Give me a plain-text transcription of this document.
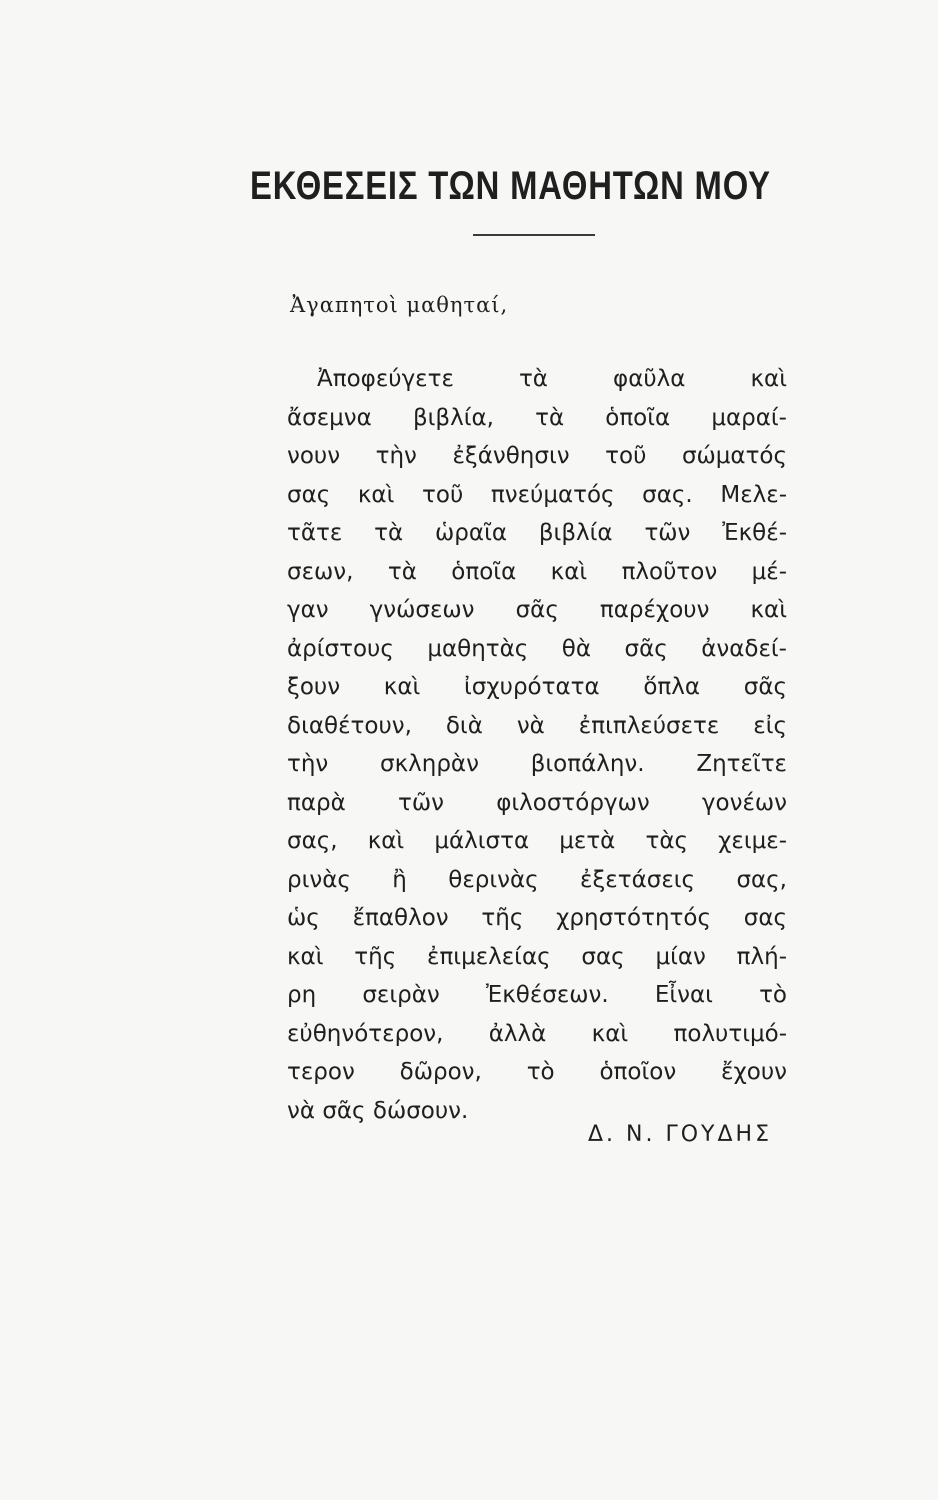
ΕΚΘΕΣΕΙΣ ΤΩΝ ΜΑΘΗΤΩΝ ΜΟΥ
Ἀγαπητοὶ μαθηταί,
Ἀποφεύγετε τὰ φαῦλα καὶ
ἄσεμνα βιβλία, τὰ ὁποῖα μαραί-
νουν τὴν ἐξάνθησιν τοῦ σώματός
σας καὶ τοῦ πνεύματός σας. Μελε-
τᾶτε τὰ ὡραῖα βιβλία τῶν Ἐκθέ-
σεων, τὰ ὁποῖα καὶ πλοῦτον μέ-
γαν γνώσεων σᾶς παρέχουν καὶ
ἀρίστους μαθητὰς θὰ σᾶς ἀναδεί-
ξουν καὶ ἰσχυρότατα ὅπλα σᾶς
διαθέτουν, διὰ νὰ ἐπιπλεύσετε εἰς
τὴν σκληρὰν βιοπάλην. Ζητεῖτε
παρὰ τῶν φιλοστόργων γονέων
σας, καὶ μάλιστα μετὰ τὰς χειμε-
ρινὰς ἢ θερινὰς ἐξετάσεις σας,
ὡς ἔπαθλον τῆς χρηστότητός σας
καὶ τῆς ἐπιμελείας σας μίαν πλή-
ρη σειρὰν Ἐκθέσεων. Εἶναι τὸ
εὐθηνότερον, ἀλλὰ καὶ πολυτιμό-
τερον δῶρον, τὸ ὁποῖον ἔχουν
νὰ σᾶς δώσουν.
Δ. Ν. ΓΟΥΔΗΣ
